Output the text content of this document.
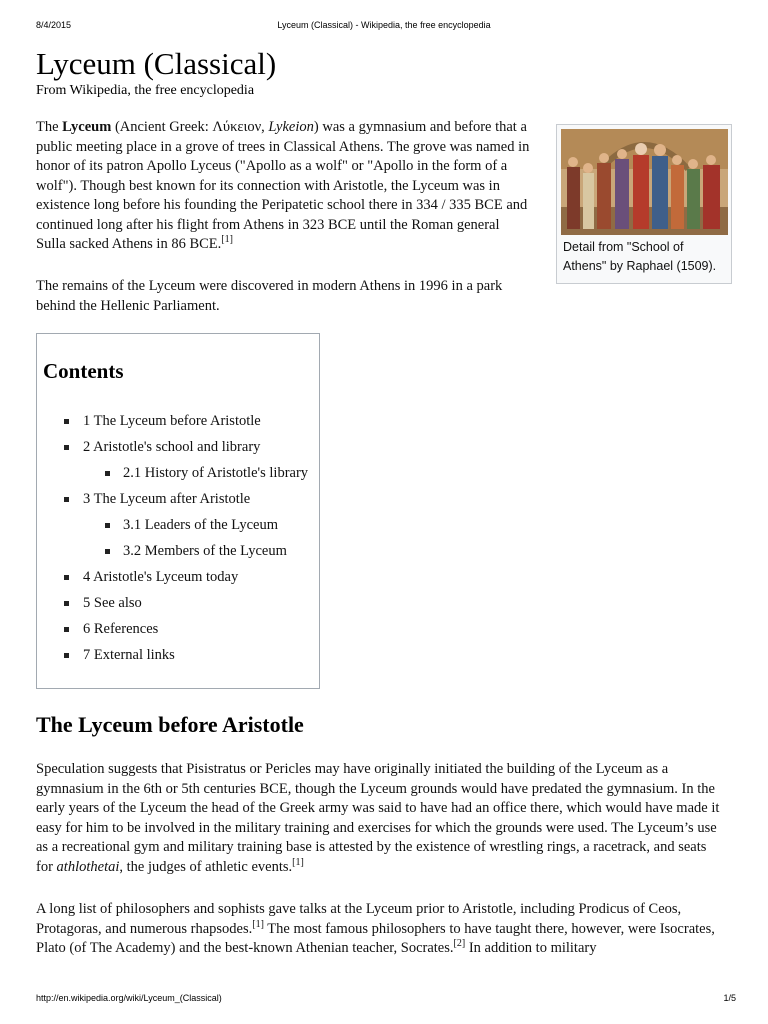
8/4/2015	Lyceum (Classical) - Wikipedia, the free encyclopedia
Lyceum (Classical)
From Wikipedia, the free encyclopedia

The Lyceum (Ancient Greek: Λύκειον, Lykeion) was a gymnasium and before that a public meeting place in a grove of trees in Classical Athens. The grove was named in honor of its patron Apollo Lyceus ("Apollo as a wolf" or "Apollo in the form of a wolf"). Though best known for its connection with Aristotle, the Lyceum was in existence long before his founding the Peripatetic school there in 334 / 335 BCE and continued long after his flight from Athens in 323 BCE until the Roman general Sulla sacked Athens in 86 BCE.[1]

Detail from "School of Athens" by Raphael (1509).

The remains of the Lyceum were discovered in modern Athens in 1996 in a park behind the Hellenic Parliament.

Contents
1 The Lyceum before Aristotle
2 Aristotle's school and library
2.1 History of Aristotle's library
3 The Lyceum after Aristotle
3.1 Leaders of the Lyceum
3.2 Members of the Lyceum
4 Aristotle's Lyceum today
5 See also
6 References
7 External links
The Lyceum before Aristotle

Speculation suggests that Pisistratus or Pericles may have originally initiated the building of the Lyceum as a gymnasium in the 6th or 5th centuries BCE, though the Lyceum grounds would have predated the gymnasium. In the early years of the Lyceum the head of the Greek army was said to have had an office there, which would have made it easy for him to be involved in the military training and exercises for which the grounds were used. The Lyceum’s use as a recreational gym and military training base is attested by the existence of wrestling rings, a racetrack, and seats for athlothetai, the judges of athletic events.[1]

A long list of philosophers and sophists gave talks at the Lyceum prior to Aristotle, including Prodicus of Ceos, Protagoras, and numerous rhapsodes.[1] The most famous philosophers to have taught there, however, were Isocrates, Plato (of The Academy) and the best-known Athenian teacher, Socrates.[2] In addition to military

http://en.wikipedia.org/wiki/Lyceum_(Classical)	1/5
